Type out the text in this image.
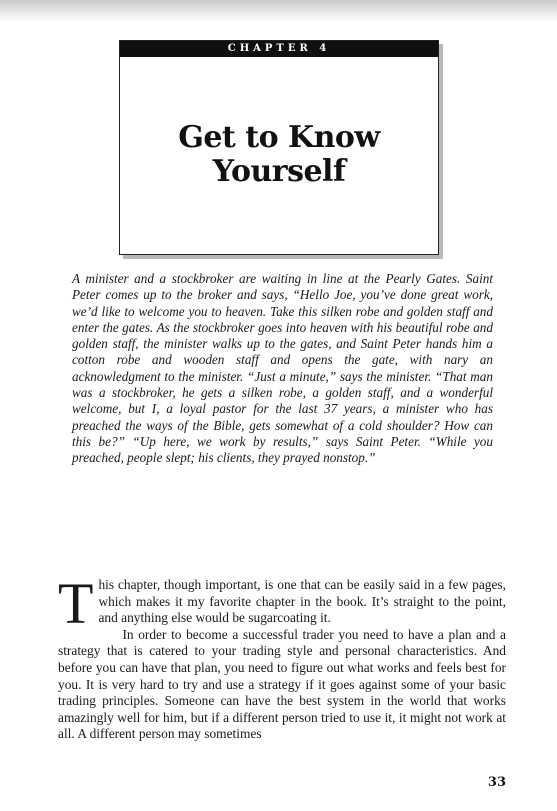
CHAPTER 4
Get to Know
Yourself

A minister and a stockbroker are waiting in line at the Pearly Gates. Saint Peter comes up to the broker and says, “Hello Joe, you’ve done great work, we’d like to welcome you to heaven. Take this silken robe and golden staff and enter the gates. As the stockbroker goes into heaven with his beautiful robe and golden staff, the minister walks up to the gates, and Saint Peter hands him a cotton robe and wooden staff and opens the gate, with nary an acknowledgment to the minister. “Just a minute,” says the minister. “That man was a stockbroker, he gets a silken robe, a golden staff, and a wonderful welcome, but I, a loyal pastor for the last 37 years, a minister who has preached the ways of the Bible, gets somewhat of a cold shoulder? How can this be?” “Up here, we work by results,” says Saint Peter. “While you preached, people slept; his clients, they prayed nonstop.”

This chapter, though important, is one that can be easily said in a few pages, which makes it my favorite chapter in the book. It’s straight to the point, and anything else would be sugarcoating it.

In order to become a successful trader you need to have a plan and a strategy that is catered to your trading style and personal characteristics. And before you can have that plan, you need to figure out what works and feels best for you. It is very hard to try and use a strategy if it goes against some of your basic trading principles. Someone can have the best system in the world that works amazingly well for him, but if a different person tried to use it, it might not work at all. A different person may sometimes

33
